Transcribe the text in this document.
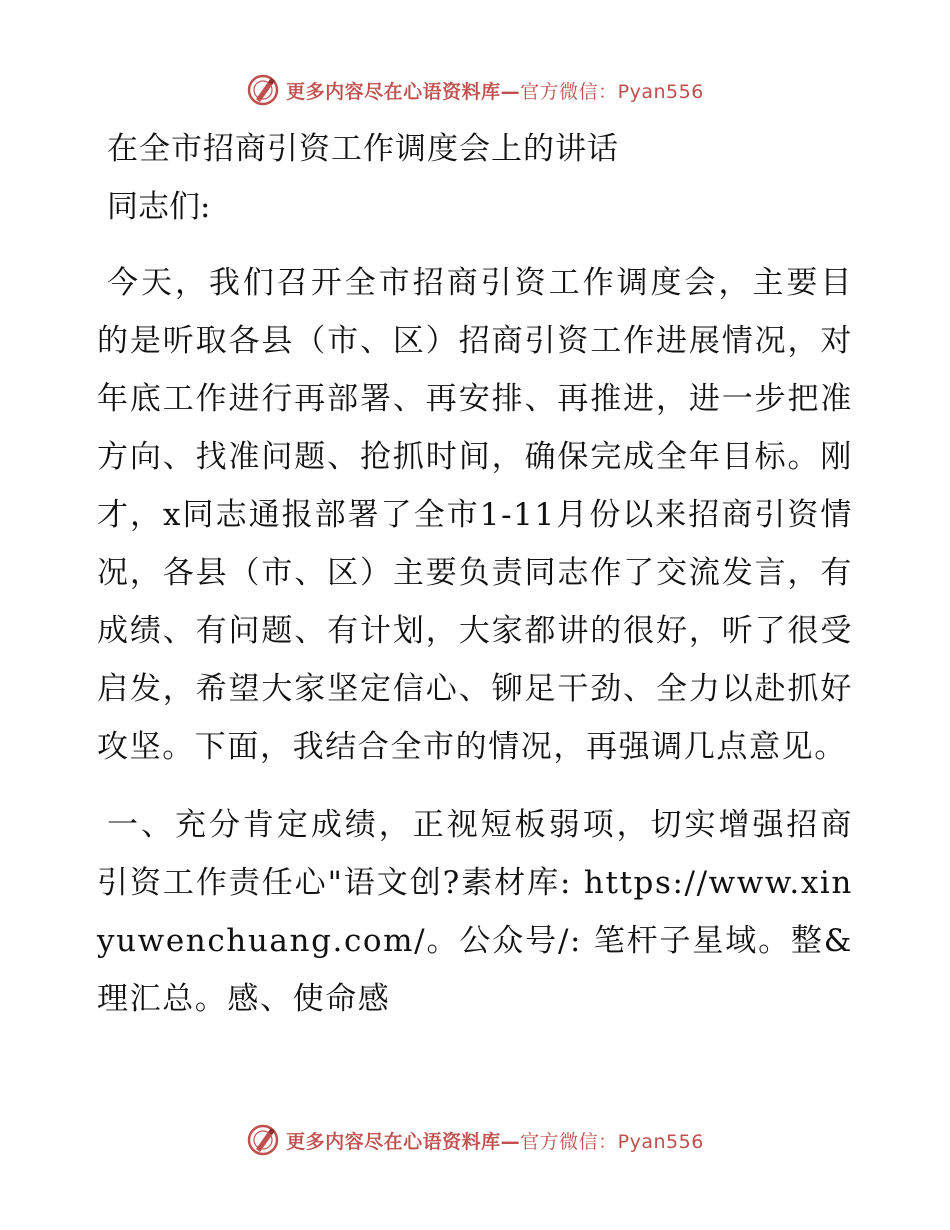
更多内容尽在心语资料库—官方微信：Pyan556
在全市招商引资工作调度会上的讲话

同志们:

今天，我们召开全市招商引资工作调度会，主要目的是听取各县（市、区）招商引资工作进展情况，对年底工作进行再部署、再安排、再推进，进一步把准方向、找准问题、抢抓时间，确保完成全年目标。刚才，x同志通报部署了全市1-11月份以来招商引资情况，各县（市、区）主要负责同志作了交流发言，有成绩、有问题、有计划，大家都讲的很好，听了很受启发，希望大家坚定信心、铆足干劲、全力以赴抓好攻坚。下面，我结合全市的情况，再强调几点意见。

一、充分肯定成绩，正视短板弱项，切实增强招商引资工作责任心"语文创?素材库: https://www.xinyuwenchuang.com/。公众号/: 笔杆子星域。整&理汇总。感、使命感

更多内容尽在心语资料库—官方微信：Pyan556
